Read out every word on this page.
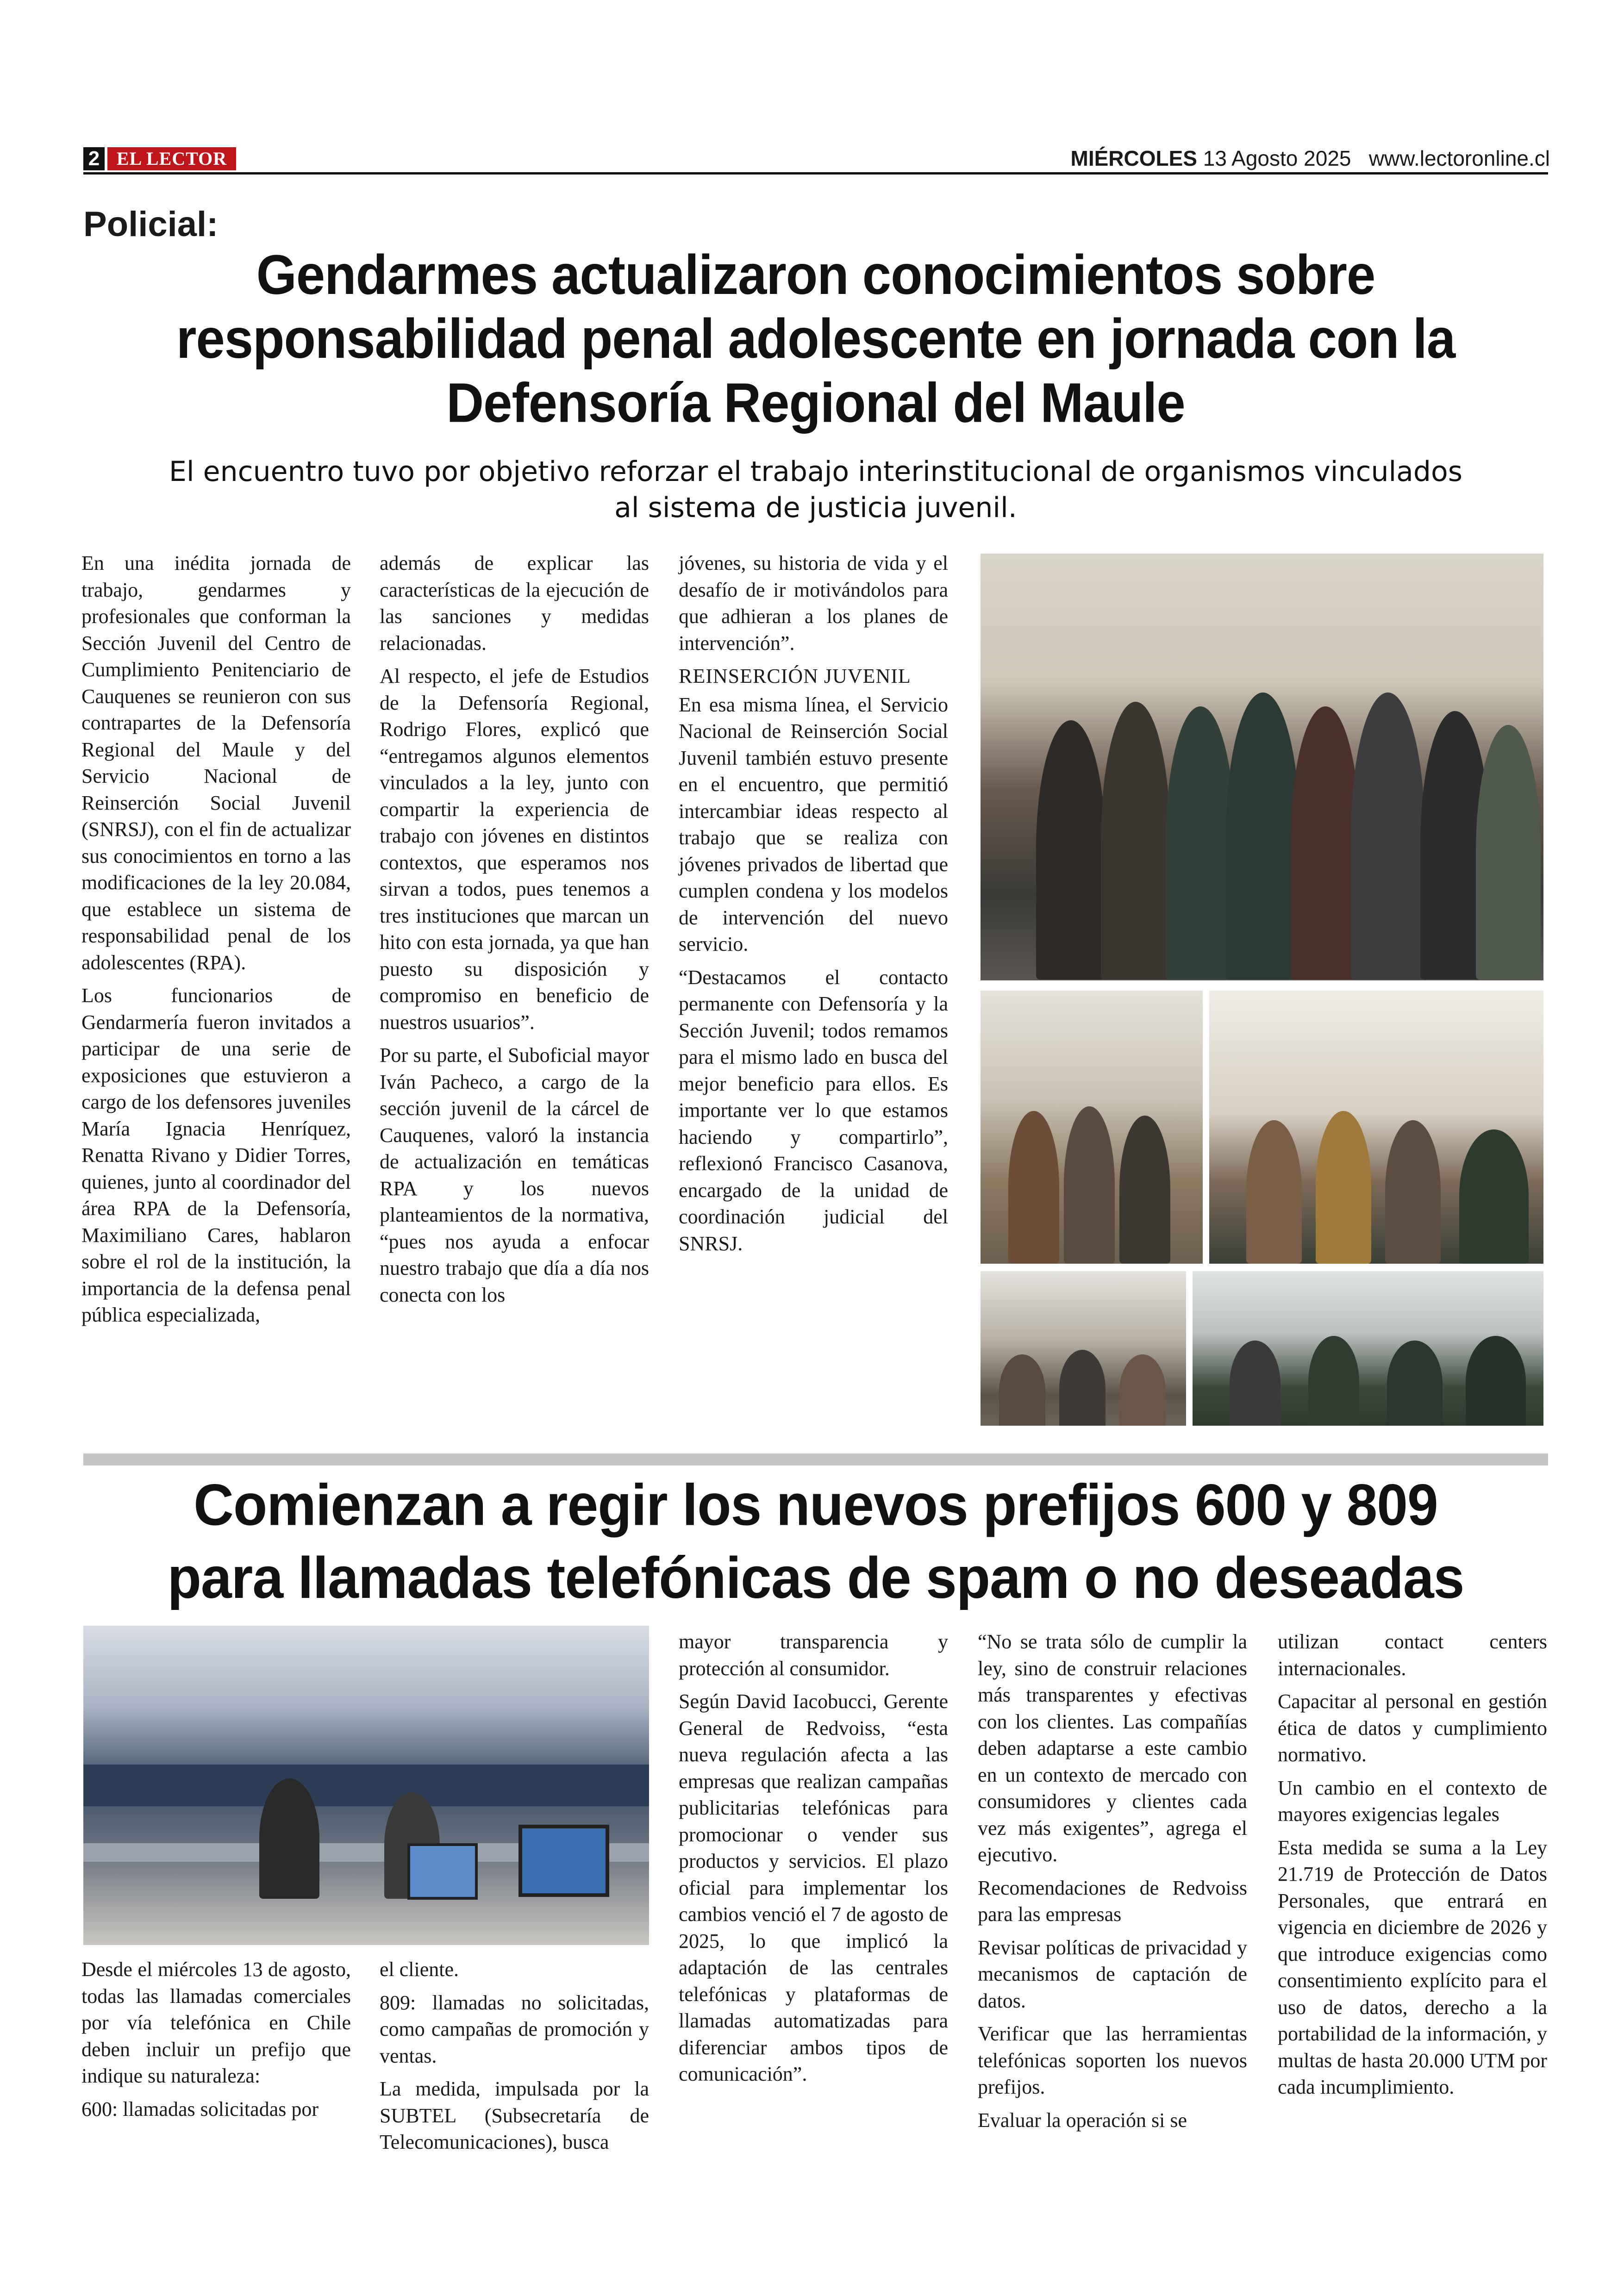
2 EL LECTOR	MIÉRCOLES 13 Agosto 2025 www.lectoronline.cl
Policial:
Gendarmes actualizaron conocimientos sobre
responsabilidad penal adolescente en jornada con la
Defensoría Regional del Maule
El encuentro tuvo por objetivo reforzar el trabajo interinstitucional de organismos vinculados
al sistema de justicia juvenil.

En una inédita jornada de trabajo, gendarmes y profesionales que conforman la Sección Juvenil del Centro de Cumplimiento Penitenciario de Cauquenes se reunieron con sus contrapartes de la Defensoría Regional del Maule y del Servicio Nacional de Reinserción Social Juvenil (SNRSJ), con el fin de actualizar sus conocimientos en torno a las modificaciones de la ley 20.084, que establece un sistema de responsabilidad penal de los adolescentes (RPA).

Los funcionarios de Gendarmería fueron invitados a participar de una serie de exposiciones que estuvieron a cargo de los defensores juveniles María Ignacia Henríquez, Renatta Rivano y Didier Torres, quienes, junto al coordinador del área RPA de la Defensoría, Maximiliano Cares, hablaron sobre el rol de la institución, la importancia de la defensa penal pública especializada,

además de explicar las características de la ejecución de las sanciones y medidas relacionadas.

Al respecto, el jefe de Estudios de la Defensoría Regional, Rodrigo Flores, explicó que “entregamos algunos elementos vinculados a la ley, junto con compartir la experiencia de trabajo con jóvenes en distintos contextos, que esperamos nos sirvan a todos, pues tenemos a tres instituciones que marcan un hito con esta jornada, ya que han puesto su disposición y compromiso en beneficio de nuestros usuarios”.

Por su parte, el Suboficial mayor Iván Pacheco, a cargo de la sección juvenil de la cárcel de Cauquenes, valoró la instancia de actualización en temáticas RPA y los nuevos planteamientos de la normativa, “pues nos ayuda a enfocar nuestro trabajo que día a día nos conecta con los

jóvenes, su historia de vida y el desafío de ir motivándolos para que adhieran a los planes de intervención”.

REINSERCIÓN JUVENIL

En esa misma línea, el Servicio Nacional de Reinserción Social Juvenil también estuvo presente en el encuentro, que permitió intercambiar ideas respecto al trabajo que se realiza con jóvenes privados de libertad que cumplen condena y los modelos de intervención del nuevo servicio.

“Destacamos el contacto permanente con Defensoría y la Sección Juvenil; todos remamos para el mismo lado en busca del mejor beneficio para ellos. Es importante ver lo que estamos haciendo y compartirlo”, reflexionó Francisco Casanova, encargado de la unidad de coordinación judicial del SNRSJ.

Comienzan a regir los nuevos prefijos 600 y 809
para llamadas telefónicas de spam o no deseadas

Desde el miércoles 13 de agosto, todas las llamadas comerciales por vía telefónica en Chile deben incluir un prefijo que indique su naturaleza:

600: llamadas solicitadas por

el cliente.

809: llamadas no solicitadas, como campañas de promoción y ventas.

La medida, impulsada por la SUBTEL (Subsecretaría de Telecomunicaciones), busca

mayor transparencia y protección al consumidor.

Según David Iacobucci, Gerente General de Redvoiss, “esta nueva regulación afecta a las empresas que realizan campañas publicitarias telefónicas para promocionar o vender sus productos y servicios. El plazo oficial para implementar los cambios venció el 7 de agosto de 2025, lo que implicó la adaptación de las centrales telefónicas y plataformas de llamadas automatizadas para diferenciar ambos tipos de comunicación”.

“No se trata sólo de cumplir la ley, sino de construir relaciones más transparentes y efectivas con los clientes. Las compañías deben adaptarse a este cambio en un contexto de mercado con consumidores y clientes cada vez más exigentes”, agrega el ejecutivo.

Recomendaciones de Redvoiss para las empresas

Revisar políticas de privacidad y mecanismos de captación de datos.

Verificar que las herramientas telefónicas soporten los nuevos prefijos.

Evaluar la operación si se

utilizan contact centers internacionales.

Capacitar al personal en gestión ética de datos y cumplimiento normativo.

Un cambio en el contexto de mayores exigencias legales

Esta medida se suma a la Ley 21.719 de Protección de Datos Personales, que entrará en vigencia en diciembre de 2026 y que introduce exigencias como consentimiento explícito para el uso de datos, derecho a la portabilidad de la información, y multas de hasta 20.000 UTM por cada incumplimiento.
